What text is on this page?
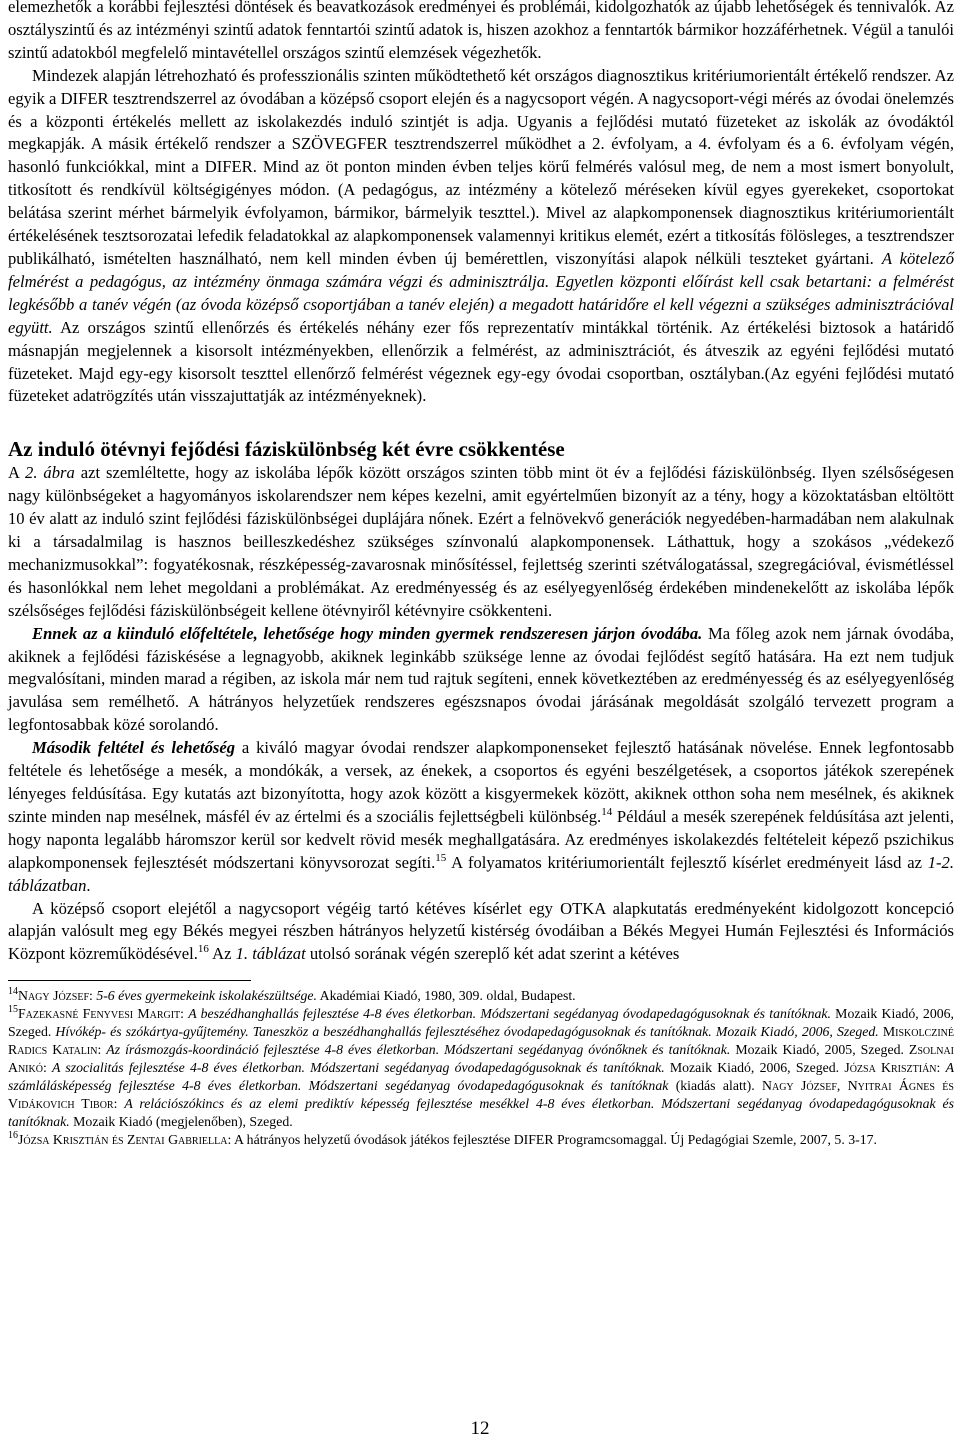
elemezhetők a korábbi fejlesztési döntések és beavatkozások eredményei és problémái, kidolgozhatók az újabb lehetőségek és tennivalók. Az osztályszintű és az intézményi szintű adatok fenntartói szintű adatok is, hiszen azokhoz a fenntartók bármikor hozzáférhetnek. Végül a tanulói szintű adatokból megfelelő mintavétellel országos szintű elemzések végezhetők.

Mindezek alapján létrehozható és professzionális szinten működtethető két országos diagnosztikus kritériumorientált értékelő rendszer. Az egyik a DIFER tesztrendszerrel az óvodában a középső csoport elején és a nagycsoport végén. A nagycsoport-végi mérés az óvodai önelemzés és a központi értékelés mellett az iskolakezdés induló szintjét is adja. Ugyanis a fejlődési mutató füzeteket az iskolák az óvodáktól megkapják. A másik értékelő rendszer a SZÖVEGFER tesztrendszerrel működhet a 2. évfolyam, a 4. évfolyam és a 6. évfolyam végén, hasonló funkciókkal, mint a DIFER. Mind az öt ponton minden évben teljes körű felmérés valósul meg, de nem a most ismert bonyolult, titkosított és rendkívül költségigényes módon. (A pedagógus, az intézmény a kötelező méréseken kívül egyes gyerekeket, csoportokat belátása szerint mérhet bármelyik évfolyamon, bármikor, bármelyik teszttel.). Mivel az alapkomponensek diagnosztikus kritériumorientált értékelésének tesztsorozatai lefedik feladatokkal az alapkomponensek valamennyi kritikus elemét, ezért a titkosítás fölösleges, a tesztrendszer publikálható, ismételten használható, nem kell minden évben új bemérettlen, viszonyítási alapok nélküli teszteket gyártani. A kötelező felmérést a pedagógus, az intézmény önmaga számára végzi és adminisztrálja. Egyetlen központi előírást kell csak betartani: a felmérést legkésőbb a tanév végén (az óvoda középső csoportjában a tanév elején) a megadott határidőre el kell végezni a szükséges adminisztrációval együtt. Az országos szintű ellenőrzés és értékelés néhány ezer fős reprezentatív mintákkal történik. Az értékelési biztosok a határidő másnapján megjelennek a kisorsolt intézményekben, ellenőrzik a felmérést, az adminisztrációt, és átveszik az egyéni fejlődési mutató füzeteket. Majd egy-egy kisorsolt teszttel ellenőrző felmérést végeznek egy-egy óvodai csoportban, osztályban.(Az egyéni fejlődési mutató füzeteket adatrögzítés után visszajuttatják az intézményeknek).

Az induló ötévnyi fejődési fáziskülönbség két évre csökkentése

A 2. ábra azt szemléltette, hogy az iskolába lépők között országos szinten több mint öt év a fejlődési fáziskülönbség. Ilyen szélsőségesen nagy különbségeket a hagyományos iskolarendszer nem képes kezelni, amit egyértelműen bizonyít az a tény, hogy a közoktatásban eltöltött 10 év alatt az induló szint fejlődési fáziskülönbségei duplájára nőnek. Ezért a felnövekvő generációk negyedében-harmadában nem alakulnak ki a társadalmilag is hasznos beilleszkedéshez szükséges színvonalú alapkomponensek. Láthattuk, hogy a szokásos „védekező mechanizmusokkal”: fogyatékosnak, részképesség-zavarosnak minősítéssel, fejlettség szerinti szétválogatással, szegregációval, évismétléssel és hasonlókkal nem lehet megoldani a problémákat. Az eredményesség és az esélyegyenlőség érdekében mindenekelőtt az iskolába lépők szélsőséges fejlődési fáziskülönbségeit kellene ötévnyiről kétévnyire csökkenteni.

Ennek az a kiinduló előfeltétele, lehetősége hogy minden gyermek rendszeresen járjon óvodába. Ma főleg azok nem járnak óvodába, akiknek a fejlődési fáziskésése a legnagyobb, akiknek leginkább szüksége lenne az óvodai fejlődést segítő hatására. Ha ezt nem tudjuk megvalósítani, minden marad a régiben, az iskola már nem tud rajtuk segíteni, ennek következtében az eredményesség és az esélyegyenlőség javulása sem remélhető. A hátrányos helyzetűek rendszeres egészsnapos óvodai járásának megoldását szolgáló tervezett program a legfontosabbak közé sorolandó.

Második feltétel és lehetőség a kiváló magyar óvodai rendszer alapkomponenseket fejlesztő hatásának növelése. Ennek legfontosabb feltétele és lehetősége a mesék, a mondókák, a versek, az énekek, a csoportos és egyéni beszélgetések, a csoportos játékok szerepének lényeges feldúsítása. Egy kutatás azt bizonyította, hogy azok között a kisgyermekek között, akiknek otthon soha nem mesélnek, és akiknek szinte minden nap mesélnek, másfél év az értelmi és a szociális fejlettségbeli különbség.$^{14}$ Például a mesék szerepének feldúsítása azt jelenti, hogy naponta legalább háromszor kerül sor kedvelt rövid mesék meghallgatására. Az eredményes iskolakezdés feltételeit képező pszichikus alapkomponensek fejlesztését módszertani könyvsorozat segíti.$^{15}$ A folyamatos kritériumorientált fejlesztő kísérlet eredményeit lásd az 1-2. táblázatban.

A középső csoport elejétől a nagycsoport végéig tartó kétéves kísérlet egy OTKA alapkutatás eredményeként kidolgozott koncepció alapján valósult meg egy Békés megyei részben hátrányos helyzetű kistérség óvodáiban a Békés Megyei Humán Fejlesztési és Információs Központ közreműködésével.$^{16}$ Az 1. táblázat utolsó sorának végén szereplő két adat szerint a kétéves

$^{14}$Nagy József: 5-6 éves gyermekeink iskolakészültsége. Akadémiai Kiadó, 1980, 309. oldal, Budapest.

$^{15}$Fazekasné Fenyvesi Margit: A beszédhanghallás fejlesztése 4-8 éves életkorban. Módszertani segédanyag óvodapedagógusoknak és tanítóknak. Mozaik Kiadó, 2006, Szeged. Hívókép- és szókártya-gyűjtemény. Taneszköz a beszédhanghallás fejlesztéséhez óvodapedagógusoknak és tanítóknak. Mozaik Kiadó, 2006, Szeged. Miskolcziné Radics Katalin: Az írásmozgás-koordináció fejlesztése 4-8 éves életkorban. Módszertani segédanyag óvónőknek és tanítóknak. Mozaik Kiadó, 2005, Szeged. Zsolnai Anikó: A szocialitás fejlesztése 4-8 éves életkorban. Módszertani segédanyag óvodapedagógusoknak és tanítóknak. Mozaik Kiadó, 2006, Szeged. Józsa Krisztián: A számlálásképesség fejlesztése 4-8 éves életkorban. Módszertani segédanyag óvodapedagógusoknak és tanítóknak (kiadás alatt). Nagy József, Nyitrai Ágnes és Vidákovich Tibor: A relációszókincs és az elemi prediktív képesség fejlesztése mesékkel 4-8 éves életkorban. Módszertani segédanyag óvodapedagógusoknak és tanítóknak. Mozaik Kiadó (megjelenőben), Szeged.

$^{16}$Józsa Krisztián és Zentai Gabriella: A hátrányos helyzetű óvodások játékos fejlesztése DIFER Programcsomaggal. Új Pedagógiai Szemle, 2007, 5. 3-17.

12
